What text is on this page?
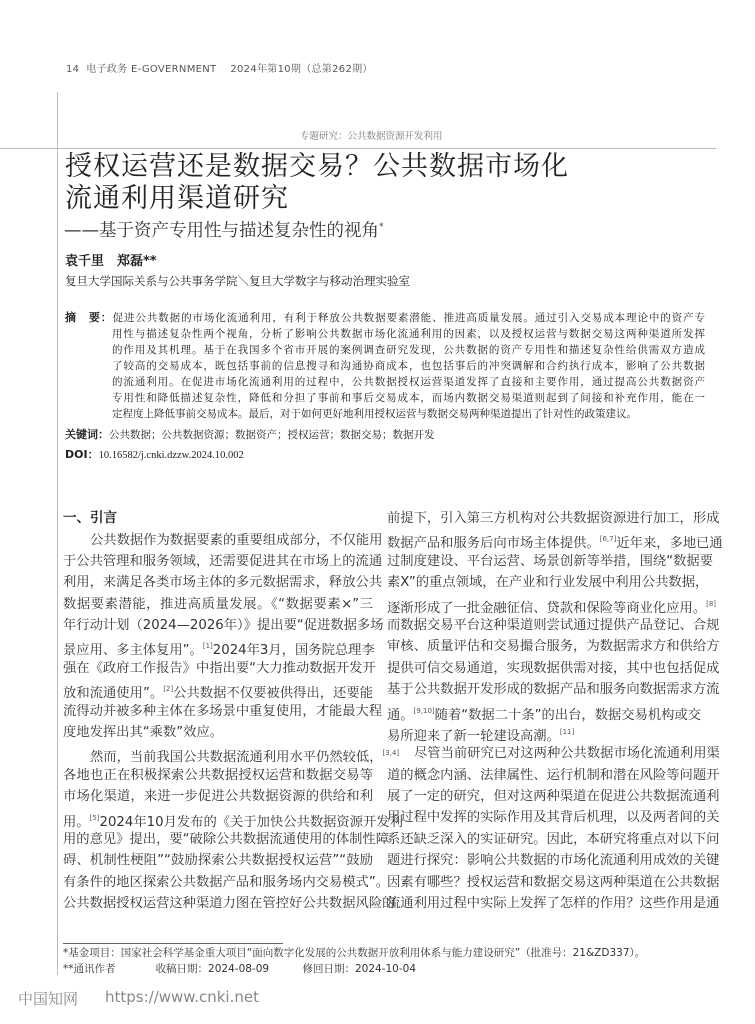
14 电子政务 E-GOVERNMENT 2024年第10期（总第262期）
专题研究：公共数据资源开发利用
授权运营还是数据交易？公共数据市场化
流通利用渠道研究
——基于资产专用性与描述复杂性的视角*
袁千里　郑磊**
复旦大学国际关系与公共事务学院＼复旦大学数字与移动治理实验室
摘　要：促进公共数据的市场化流通利用，有利于释放公共数据要素潜能、推进高质量发展。通过引入交易成本理论中的资产专
用性与描述复杂性两个视角，分析了影响公共数据市场化流通利用的因素，以及授权运营与数据交易这两种渠道所发挥
的作用及其机理。基于在我国多个省市开展的案例调查研究发现，公共数据的资产专用性和描述复杂性给供需双方造成
了较高的交易成本，既包括事前的信息搜寻和沟通协商成本，也包括事后的冲突调解和合约执行成本，影响了公共数据
的流通利用。在促进市场化流通利用的过程中，公共数据授权运营渠道发挥了直接和主要作用，通过提高公共数据资产
专用性和降低描述复杂性，降低和分担了事前和事后交易成本，而场内数据交易渠道则起到了间接和补充作用，能在一
定程度上降低事前交易成本。最后，对于如何更好地利用授权运营与数据交易两种渠道提出了针对性的政策建议。
关键词：公共数据；公共数据资源；数据资产；授权运营；数据交易；数据开发
DOI：10.16582/j.cnki.dzzw.2024.10.002
一、引言
公共数据作为数据要素的重要组成部分，不仅能用
于公共管理和服务领域，还需要促进其在市场上的流通
利用，来满足各类市场主体的多元数据需求，释放公共
数据要素潜能，推进高质量发展。《“数据要素×”三
年行动计划（2024—2026年）》提出要“促进数据多场
景应用、多主体复用”。[1]2024年3月，国务院总理李
强在《政府工作报告》中指出要“大力推动数据开发开
放和流通使用”。[2]公共数据不仅要被供得出，还要能
流得动并被多种主体在多场景中重复使用，才能最大程
度地发挥出其“乘数”效应。
然而，当前我国公共数据流通利用水平仍然较低，[3,4]
各地也正在积极探索公共数据授权运营和数据交易等
市场化渠道，来进一步促进公共数据资源的供给和利
用。[5]2024年10月发布的《关于加快公共数据资源开发利
用的意见》提出，要“破除公共数据流通使用的体制性障
碍、机制性梗阻”“鼓励探索公共数据授权运营”“鼓励
有条件的地区探索公共数据产品和服务场内交易模式”。
公共数据授权运营这种渠道力图在管控好公共数据风险的
前提下，引入第三方机构对公共数据资源进行加工，形成
数据产品和服务后向市场主体提供。[6,7]近年来，多地已通
过制度建设、平台运营、场景创新等举措，围绕“数据要
素X”的重点领域，在产业和行业发展中利用公共数据，
逐渐形成了一批金融征信、贷款和保险等商业化应用。[8]
而数据交易平台这种渠道则尝试通过提供产品登记、合规
审核、质量评估和交易撮合服务，为数据需求方和供给方
提供可信交易通道，实现数据供需对接，其中也包括促成
基于公共数据开发形成的数据产品和服务向数据需求方流
通。[9,10]随着“数据二十条”的出台，数据交易机构或交
易所迎来了新一轮建设高潮。[11]
尽管当前研究已对这两种公共数据市场化流通利用渠
道的概念内涵、法律属性、运行机制和潜在风险等问题开
展了一定的研究，但对这两种渠道在促进公共数据流通利
用过程中发挥的实际作用及其背后机理，以及两者间的关
系还缺乏深入的实证研究。因此，本研究将重点对以下问
题进行探究：影响公共数据的市场化流通利用成效的关键
因素有哪些？授权运营和数据交易这两种渠道在公共数据
流通利用过程中实际上发挥了怎样的作用？这些作用是通
*基金项目：国家社会科学基金重大项目“面向数字化发展的公共数据开放利用体系与能力建设研究”（批准号：21&ZD337）。
**通讯作者	收稿日期：2024-08-09	修回日期：2024-10-04
中国知网 https://www.cnki.net
